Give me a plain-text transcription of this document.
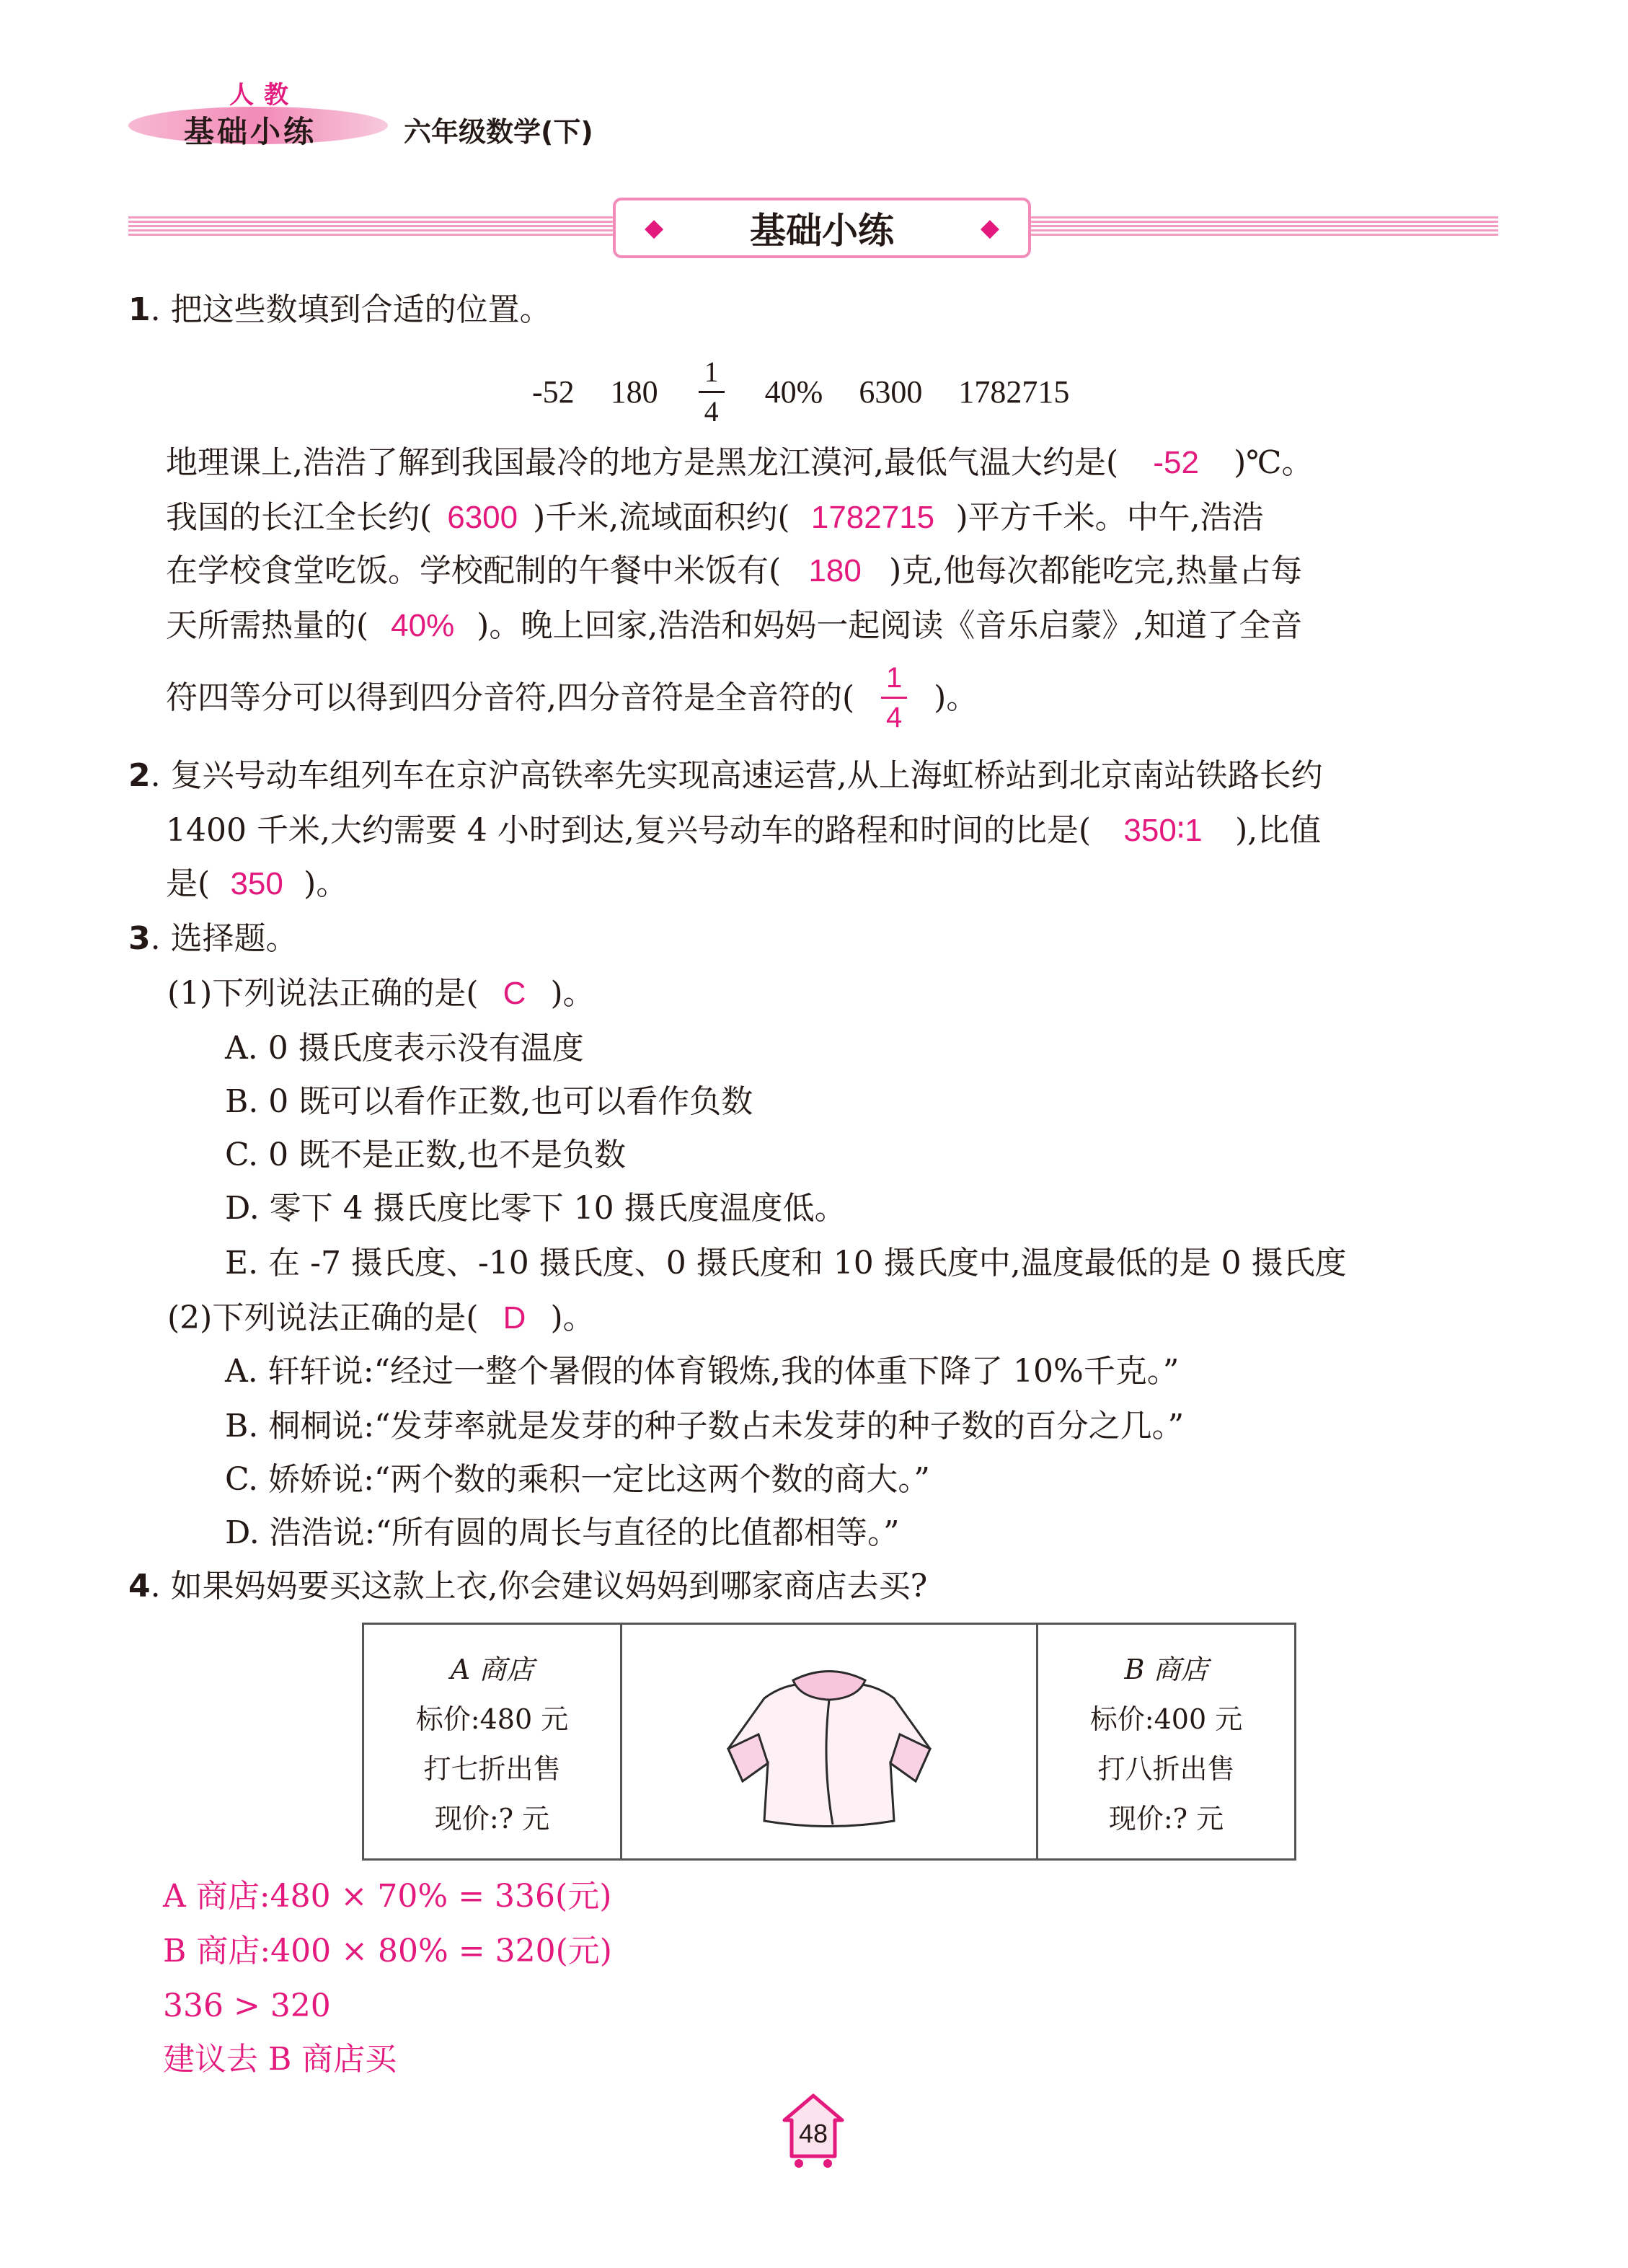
人教
基础小练	六年级数学(下)
◆ 基础小练	◆
1. 把这些数填到合适的位置。
-52 $180 \frac{1}{4} 40\%$ 6300 1782715
地理课上,浩浩了解到我国最冷的地方是黑龙江漠河,最低气温大约是( -52 )℃。
我国的长江全长约( 6300 )千米,流域面积约( 1782715 )平方千米。中午,浩浩
在学校食堂吃饭。学校配制的午餐中米饭有( 180 )克,他每次都能吃完,热量占每
天所需热量的( 40% )。晚上回家,浩浩和妈妈一起阅读《音乐启蒙》,知道了全音
符四等分可以得到四分音符,四分音符是全音符的( $\frac{1}{4}$ )。
2. 复兴号动车组列车在京沪高铁率先实现高速运营,从上海虹桥站到北京南站铁路长约
1400 千米,大约需要 4 小时到达,复兴号动车的路程和时间的比是( 350∶1 ),比值
是( 350 )。
3. 选择题。
(1)下列说法正确的是( C )。
A. 0 摄氏度表示没有温度
B. 0 既可以看作正数,也可以看作负数
C. 0 既不是正数,也不是负数
D. 零下 4 摄氏度比零下 10 摄氏度温度低。
E. 在 -7 摄氏度、-10 摄氏度、0 摄氏度和 10 摄氏度中,温度最低的是 0 摄氏度
(2)下列说法正确的是( D )。
A. 轩轩说:“经过一整个暑假的体育锻炼,我的体重下降了 10%千克。”
B. 桐桐说:“发芽率就是发芽的种子数占未发芽的种子数的百分之几。”
C. 娇娇说:“两个数的乘积一定比这两个数的商大。”
D. 浩浩说:“所有圆的周长与直径的比值都相等。”
4. 如果妈妈要买这款上衣,你会建议妈妈到哪家商店去买?
A 商店
标价:480 元
打七折出售
现价:? 元
B 商店
标价:400 元
打八折出售
现价:? 元
A 商店:480 × 70% = 336(元)
B 商店:400 × 80% = 320(元)
336 > 320
建议去 B 商店买
48
